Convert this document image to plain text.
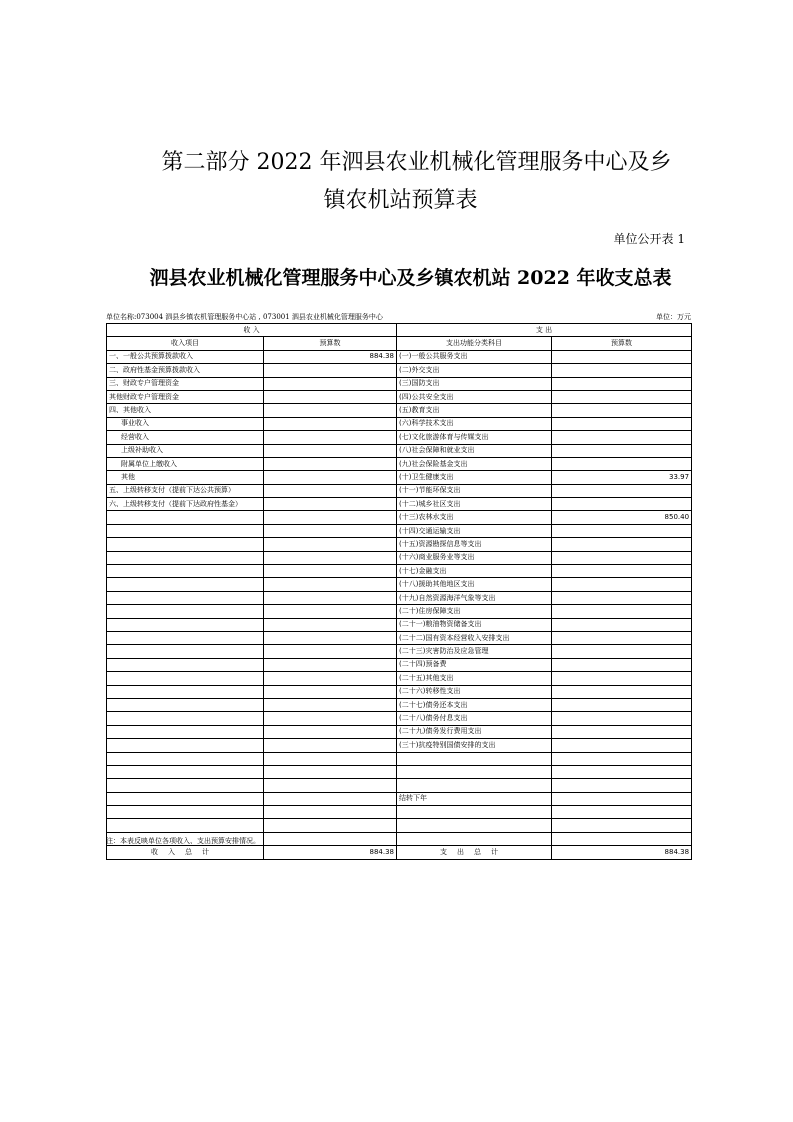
第二部分 2022 年泗县农业机械化管理服务中心及乡
镇农机站预算表
单位公开表 1
泗县农业机械化管理服务中心及乡镇农机站 2022 年收支总表
单位名称:073004 泗县乡镇农机管理服务中心站 , 073001 泗县农业机械化管理服务中心	单位：万元
收 入		支 出	
收入项目	预算数	支出功能分类科目	预算数
一、一般公共预算拨款收入	884.38	(一)一般公共服务支出	
二、政府性基金预算拨款收入		(二)外交支出	
三、财政专户管理资金		(三)国防支出	
其他财政专户管理资金		(四)公共安全支出	
四、其他收入		(五)教育支出	
事业收入		(六)科学技术支出	
经营收入		(七)文化旅游体育与传媒支出	
上级补助收入		(八)社会保障和就业支出	
附属单位上缴收入		(九)社会保险基金支出	
其他		(十)卫生健康支出	33.97
五、上级转移支付（提前下达公共预算）		(十一)节能环保支出	
六、上级转移支付（提前下达政府性基金）		(十二)城乡社区支出	
		(十三)农林水支出	850.40
		(十四)交通运输支出	
		(十五)资源勘探信息等支出	
		(十六)商业服务业等支出	
		(十七)金融支出	
		(十八)援助其他地区支出	
		(十九)自然资源海洋气象等支出	
		(二十)住房保障支出	
		(二十一)粮油物资储备支出	
		(二十二)国有资本经营收入安排支出	
		(二十三)灾害防治及应急管理	
		(二十四)预备费	
		(二十五)其他支出	
		(二十六)转移性支出	
		(二十七)债务还本支出	
		(二十八)债务付息支出	
		(二十九)债务发行费用支出	
		(三十)抗疫特别国债安排的支出	

		结转下年	

收入总计	884.38	支出总计	884.38
注：本表反映单位各项收入、支出预算安排情况。
